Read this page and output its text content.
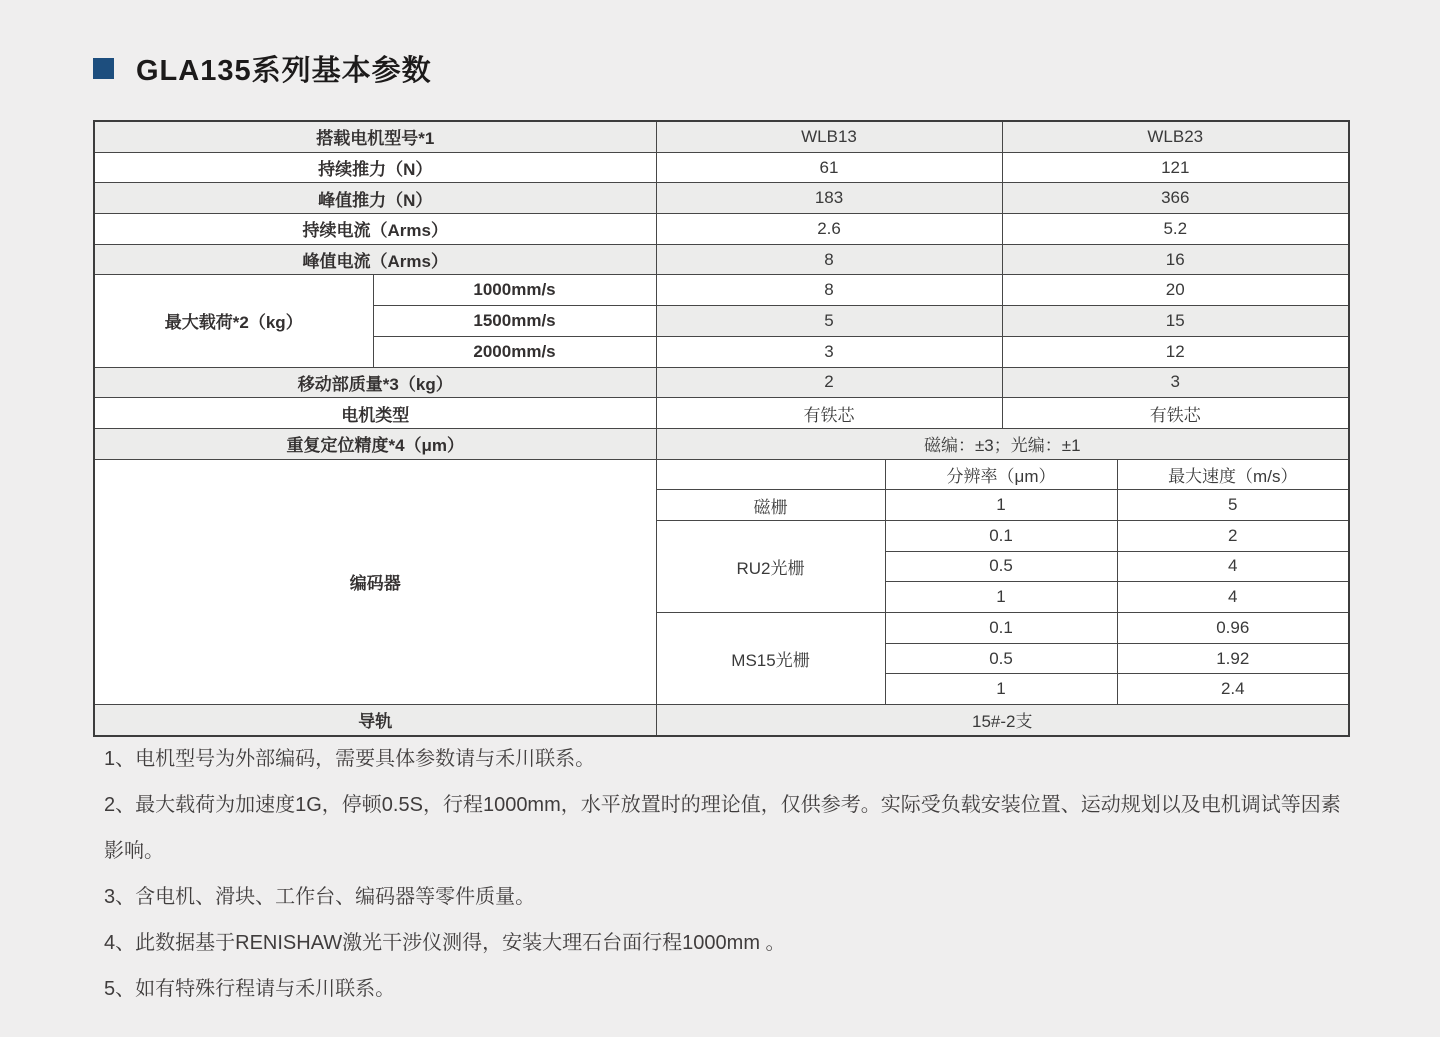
GLA135系列基本参数
搭载电机型号*1		WLB13		WLB23	
持续推力（N）		61		121	
峰值推力（N）		183		366	
持续电流（Arms）		2.6		5.2	
峰值电流（Arms）		8		16	
最大载荷*2（kg）	1000mm/s	8		20	
	1500mm/s	5		15	
	2000mm/s	3		12	
移动部质量*3（kg）		2		3	
电机类型		有铁芯		有铁芯	
重复定位精度*4（μm）		磁编：±3；光编：±1			
编码器			分辨率（μm）		最大速度（m/s）
		磁栅	1		5
		RU2光栅	0.1		2
			0.5		4
			1		4
		MS15光栅	0.1		0.96
			0.5		1.92
			1		2.4
导轨		15#-2支			

1、电机型号为外部编码，需要具体参数请与禾川联系。

2、最大载荷为加速度1G，停顿0.5S，行程1000mm，水平放置时的理论值，仅供参考。实际受负载安装位置、运动规划以及电机调试等因素影响。

3、含电机、滑块、工作台、编码器等零件质量。

4、此数据基于RENISHAW激光干涉仪测得，安装大理石台面行程1000mm 。

5、如有特殊行程请与禾川联系。
